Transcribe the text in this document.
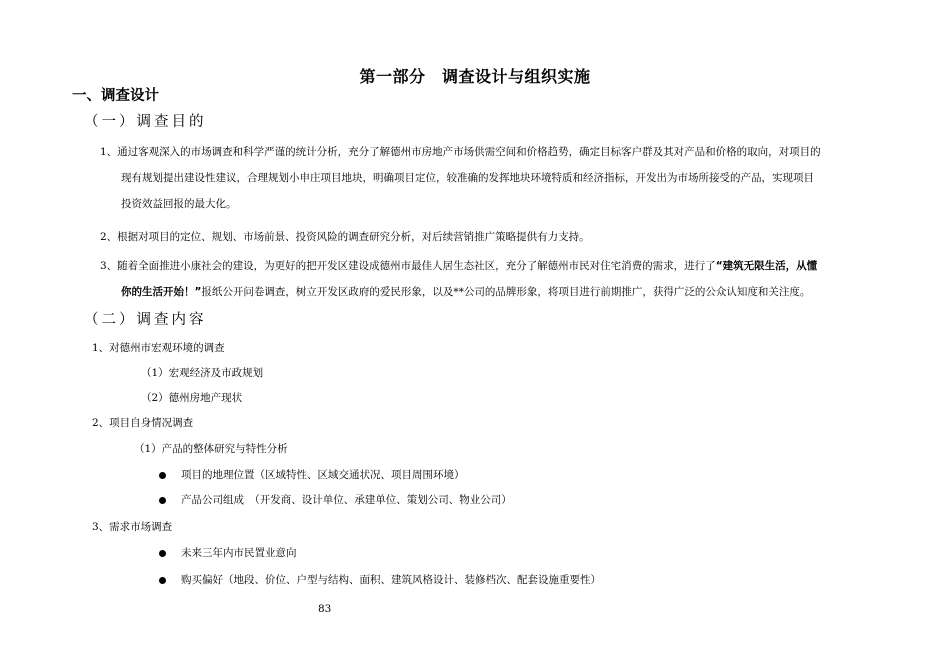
第一部分　调查设计与组织实施
一、调查设计
（一）调查目的
1、通过客观深入的市场调查和科学严谨的统计分析，充分了解德州市房地产市场供需空间和价格趋势，确定目标客户群及其对产品和价格的取向，对项目的
现有规划提出建设性建议，合理规划小申庄项目地块，明确项目定位，较准确的发挥地块环境特质和经济指标，开发出为市场所接受的产品，实现项目
投资效益回报的最大化。
2、根据对项目的定位、规划、市场前景、投资风险的调查研究分析，对后续营销推广策略提供有力支持。
3、随着全面推进小康社会的建设，为更好的把开发区建设成德州市最佳人居生态社区，充分了解德州市民对住宅消费的需求，进行了“建筑无限生活，从懂
你的生活开始！”报纸公开问卷调查，树立开发区政府的爱民形象，以及**公司的品牌形象，将项目进行前期推广，获得广泛的公众认知度和关注度。
（二）调查内容
1、对德州市宏观环境的调查
（1）宏观经济及市政规划
（2）德州房地产现状
2、项目自身情况调查
（1）产品的整体研究与特性分析
项目的地理位置（区域特性、区域交通状况、项目周围环境）
产品公司组成　（开发商、设计单位、承建单位、策划公司、物业公司）
3、需求市场调查
未来三年内市民置业意向
购买偏好（地段、价位、户型与结构、面积、建筑风格设计、装修档次、配套设施重要性）
83
